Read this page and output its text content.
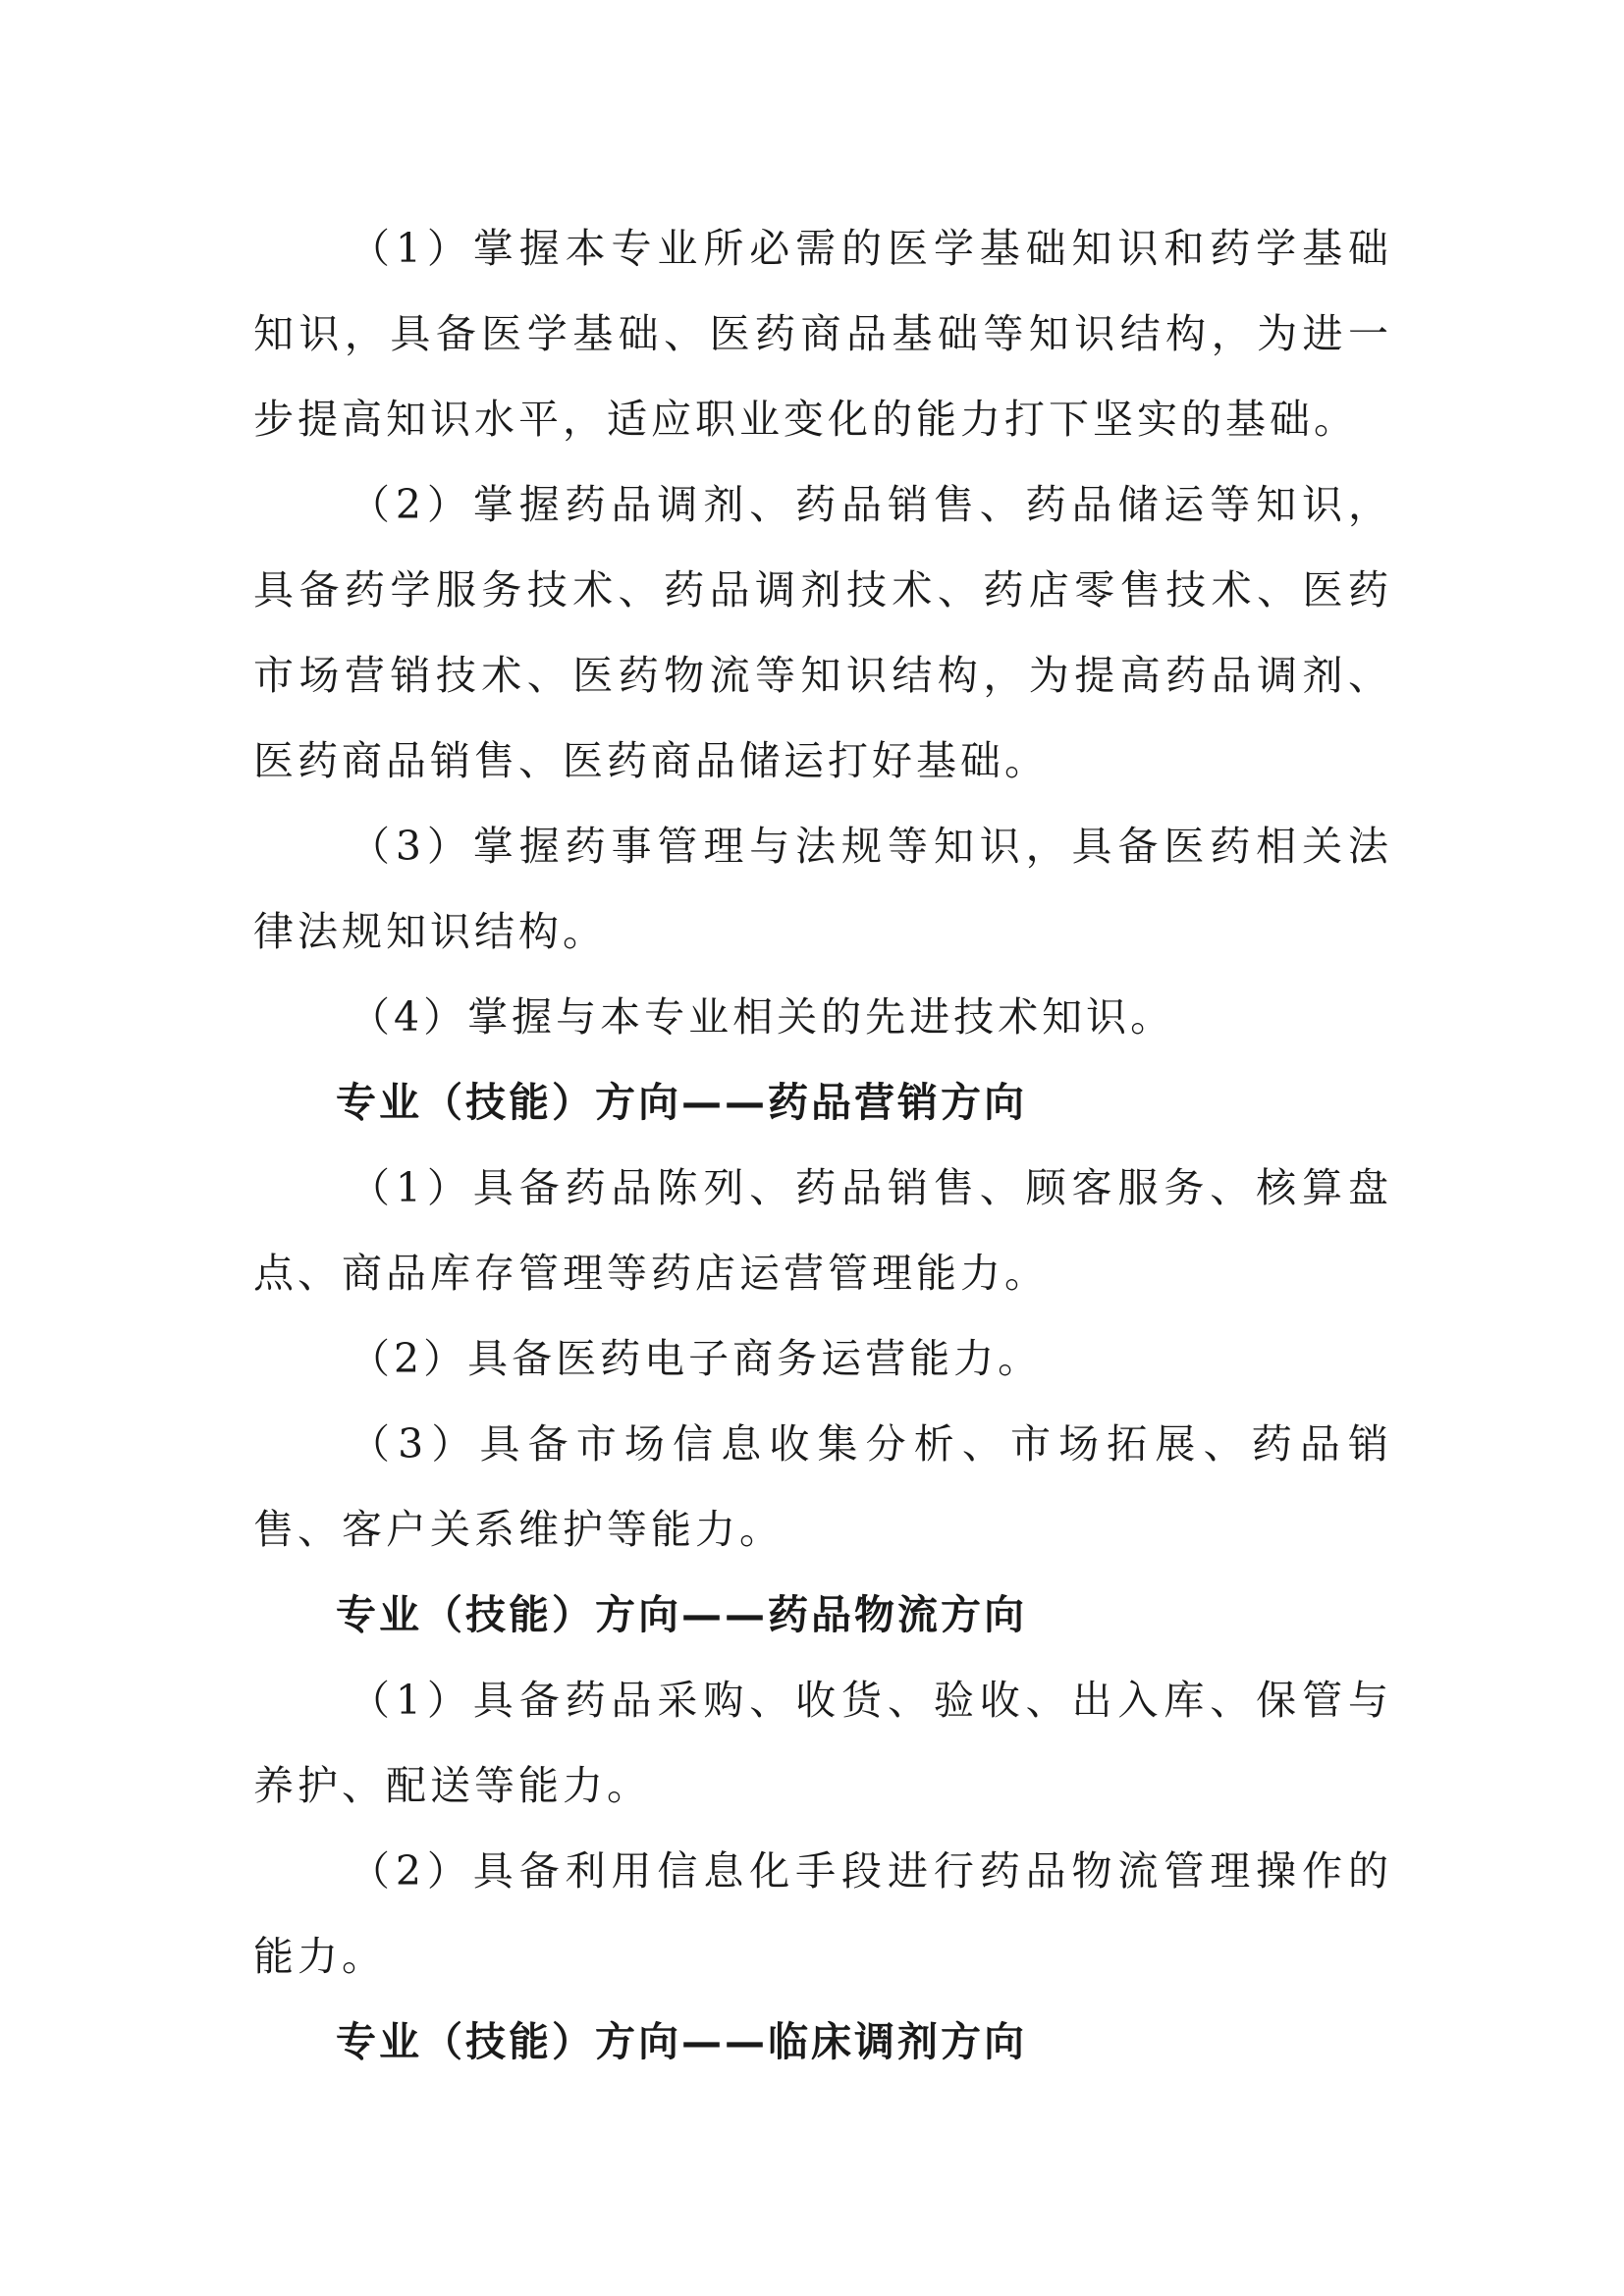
（1）掌握本专业所必需的医学基础知识和药学基础知识，具备医学基础、医药商品基础等知识结构，为进一步提高知识水平，适应职业变化的能力打下坚实的基础。

（2）掌握药品调剂、药品销售、药品储运等知识，具备药学服务技术、药品调剂技术、药店零售技术、医药市场营销技术、医药物流等知识结构，为提高药品调剂、医药商品销售、医药商品储运打好基础。

（3）掌握药事管理与法规等知识，具备医药相关法律法规知识结构。

（4）掌握与本专业相关的先进技术知识。

专业（技能）方向——药品营销方向

（1）具备药品陈列、药品销售、顾客服务、核算盘点、商品库存管理等药店运营管理能力。

（2）具备医药电子商务运营能力。

（3）具备市场信息收集分析、市场拓展、药品销售、客户关系维护等能力。

专业（技能）方向——药品物流方向

（1）具备药品采购、收货、验收、出入库、保管与养护、配送等能力。

（2）具备利用信息化手段进行药品物流管理操作的能力。

专业（技能）方向——临床调剂方向
